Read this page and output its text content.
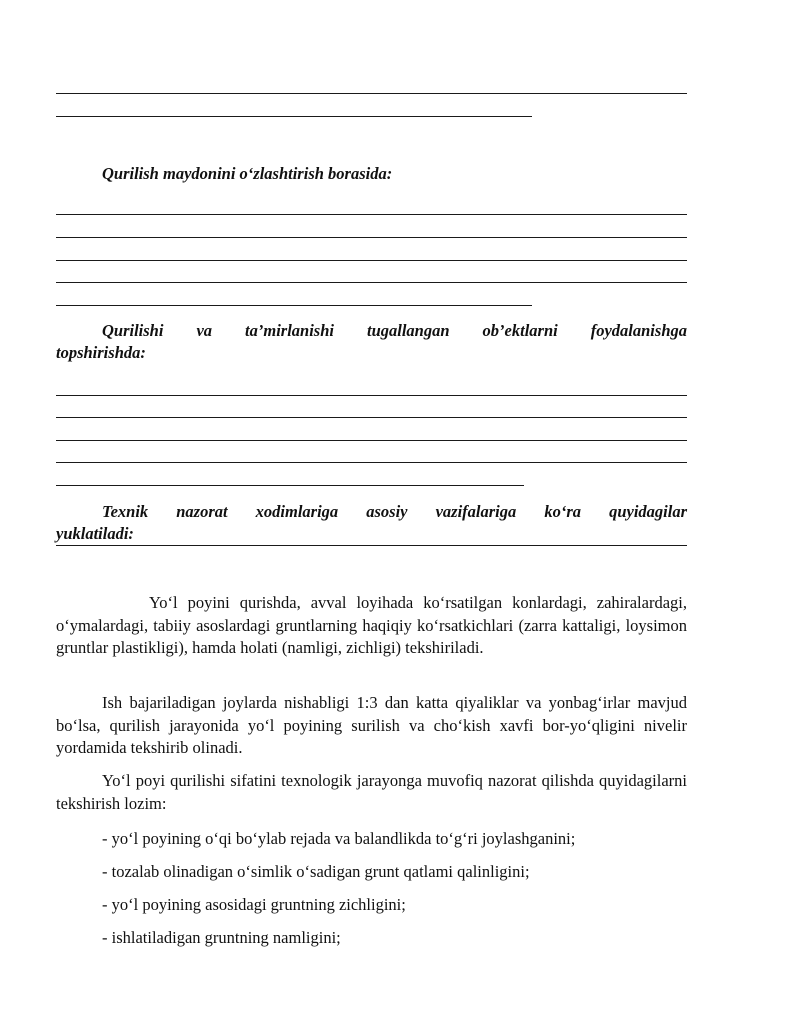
Qurilish maydonini o‘zlashtirish borasida:
Qurilishi va ta’mirlanishi tugallangan ob’ektlarni foydalanishga
topshirishda:
Texnik nazorat xodimlariga asosiy vazifalariga ko‘ra quyidagilar
yuklatiladi:
Yo‘l poyini qurishda, avval loyihada ko‘rsatilgan konlardagi, zahiralardagi, o‘ymalardagi, tabiiy asoslardagi gruntlarning haqiqiy ko‘rsatkichlari (zarra kattaligi, loysimon gruntlar plastikligi), hamda holati (namligi, zichligi) tekshiriladi.
Ish bajariladigan joylarda nishabligi 1:3 dan katta qiyaliklar va yonbag‘irlar mavjud bo‘lsa, qurilish jarayonida yo‘l poyining surilish va cho‘kish xavfi bor-yo‘qligini nivelir yordamida tekshirib olinadi.
Yo‘l poyi qurilishi sifatini texnologik jarayonga muvofiq nazorat qilishda quyidagilarni tekshirish lozim:
- yo‘l poyining o‘qi bo‘ylab rejada va balandlikda to‘g‘ri joylashganini;
- tozalab olinadigan o‘simlik o‘sadigan grunt qatlami qalinligini;
- yo‘l poyining asosidagi gruntning zichligini;
- ishlatiladigan gruntning namligini;
